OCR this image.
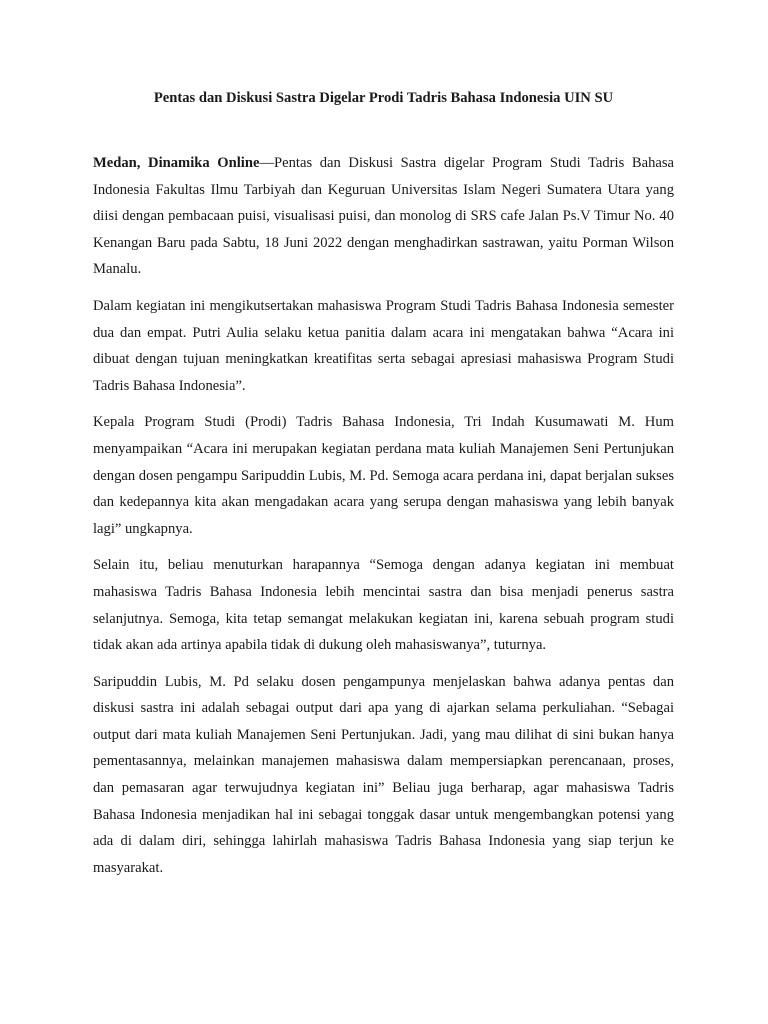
Pentas dan Diskusi Sastra Digelar Prodi Tadris Bahasa Indonesia UIN SU

Medan, Dinamika Online—Pentas dan Diskusi Sastra digelar Program Studi Tadris Bahasa Indonesia Fakultas Ilmu Tarbiyah dan Keguruan Universitas Islam Negeri Sumatera Utara yang diisi dengan pembacaan puisi, visualisasi puisi, dan monolog di SRS cafe Jalan Ps.V Timur No. 40 Kenangan Baru pada Sabtu, 18 Juni 2022 dengan menghadirkan sastrawan, yaitu Porman Wilson Manalu.

Dalam kegiatan ini mengikutsertakan mahasiswa Program Studi Tadris Bahasa Indonesia semester dua dan empat. Putri Aulia selaku ketua panitia dalam acara ini mengatakan bahwa “Acara ini dibuat dengan tujuan meningkatkan kreatifitas serta sebagai apresiasi mahasiswa Program Studi Tadris Bahasa Indonesia”.

Kepala Program Studi (Prodi) Tadris Bahasa Indonesia, Tri Indah Kusumawati M. Hum menyampaikan “Acara ini merupakan kegiatan perdana mata kuliah Manajemen Seni Pertunjukan dengan dosen pengampu Saripuddin Lubis, M. Pd. Semoga acara perdana ini, dapat berjalan sukses dan kedepannya kita akan mengadakan acara yang serupa dengan mahasiswa yang lebih banyak lagi” ungkapnya.

Selain itu, beliau menuturkan harapannya “Semoga dengan adanya kegiatan ini membuat mahasiswa Tadris Bahasa Indonesia lebih mencintai sastra dan bisa menjadi penerus sastra selanjutnya. Semoga, kita tetap semangat melakukan kegiatan ini, karena sebuah program studi tidak akan ada artinya apabila tidak di dukung oleh mahasiswanya”, tuturnya.

Saripuddin Lubis, M. Pd selaku dosen pengampunya menjelaskan bahwa adanya pentas dan diskusi sastra ini adalah sebagai output dari apa yang di ajarkan selama perkuliahan. “Sebagai output dari mata kuliah Manajemen Seni Pertunjukan. Jadi, yang mau dilihat di sini bukan hanya pementasannya, melainkan manajemen mahasiswa dalam mempersiapkan perencanaan, proses, dan pemasaran agar terwujudnya kegiatan ini” Beliau juga berharap, agar mahasiswa Tadris Bahasa Indonesia menjadikan hal ini sebagai tonggak dasar untuk mengembangkan potensi yang ada di dalam diri, sehingga lahirlah mahasiswa Tadris Bahasa Indonesia yang siap terjun ke masyarakat.
